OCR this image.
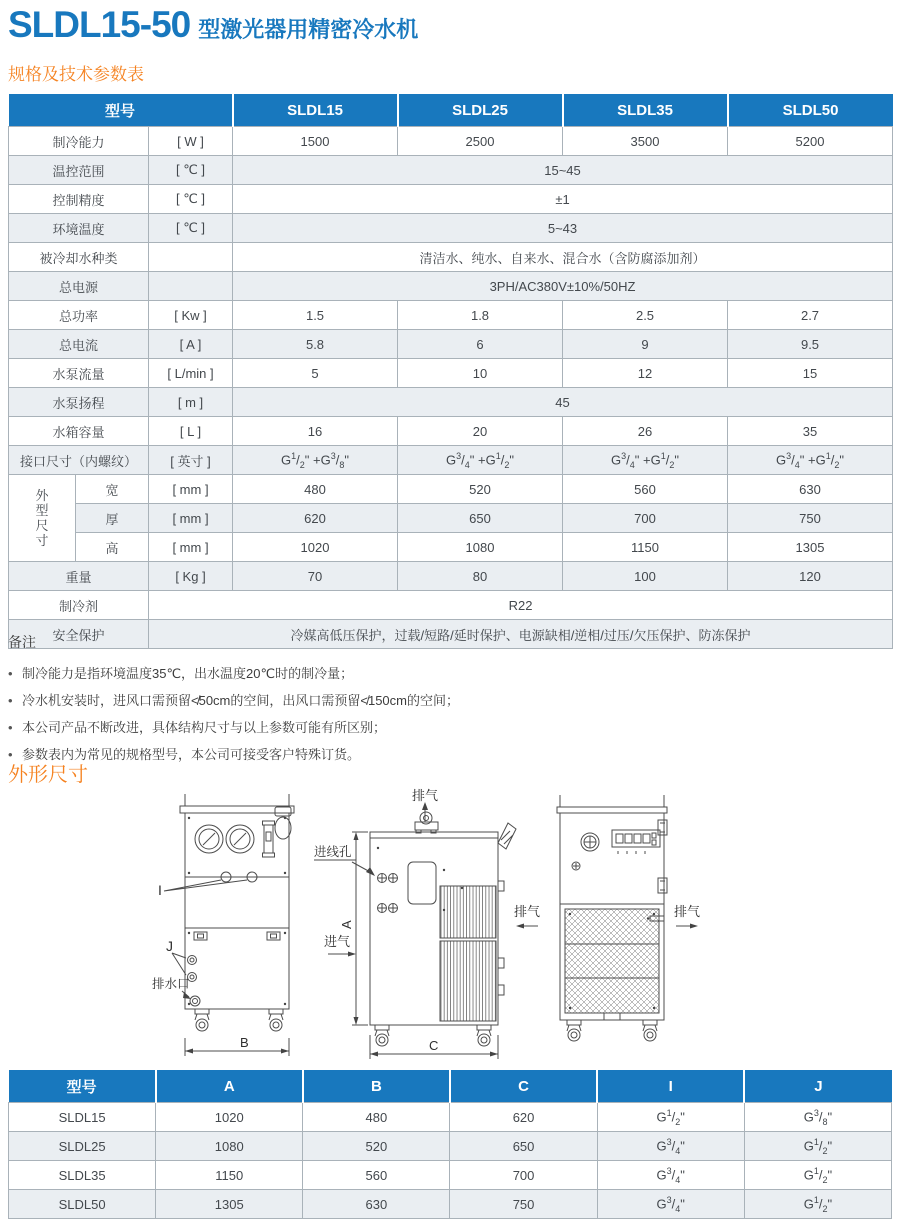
SLDL15-50 型激光器用精密冷水机
规格及技术参数表
型号			SLDL15	SLDL25	SLDL35	SLDL50
制冷能力		[ W ]	1500	2500	3500	5200
温控范围		[ ℃ ]	15~45			
控制精度		[ ℃ ]	±1			
环境温度		[ ℃ ]	5~43			
被冷却水种类			清洁水、纯水、自来水、混合水（含防腐添加剂）			
总电源			3PH/AC380V±10%/50HZ			
总功率		[ Kw ]	1.5	1.8	2.5	2.7
总电流		[ A ]	5.8	6	9	9.5
水泵流量		[ L/min ]	5	10	12	15
水泵扬程		[ m ]	45			
水箱容量		[ L ]	16	20	26	35
接口尺寸（内螺纹）		[ 英寸 ]	$G^1/_2$" $+G^3/_8$"	$G^3/_4$" $+G^1/_2$"	$G^3/_4$" $+G^1/_2$"	$G^3/_4$" $+G^1/_2$"
外型尺寸	宽	[ mm ]	480	520	560	630
	厚	[ mm ]	620	650	700	750
	高	[ mm ]	1020	1080	1150	1305
重量		[ Kg ]	70	80	100	120
制冷剂		R22				
安全保护		冷媒高低压保护，过载/短路/延时保护、电源缺相/逆相/过压/欠压保护、防冻保护				
备注
• 制冷能力是指环境温度35℃，出水温度20℃时的制冷量；
• 冷水机安装时，进风口需预留≮50cm的空间，出风口需预留≮150cm的空间；
• 本公司产品不断改进，具体结构尺寸与以上参数可能有所区别；
• 参数表内为常见的规格型号，本公司可接受客户特殊订货。
外形尺寸
I
J
排水口
B
排气
进线孔
进气
A
C
排气	排气
型号	A	B	C	I	J
SLDL15	1020	480	620	$G^1/_2$"	$G^3/_8$"
SLDL25	1080	520	650	$G^3/_4$"	$G^1/_2$"
SLDL35	1150	560	700	$G^3/_4$"	$G^1/_2$"
SLDL50	1305	630	750	$G^3/_4$"	$G^1/_2$"
